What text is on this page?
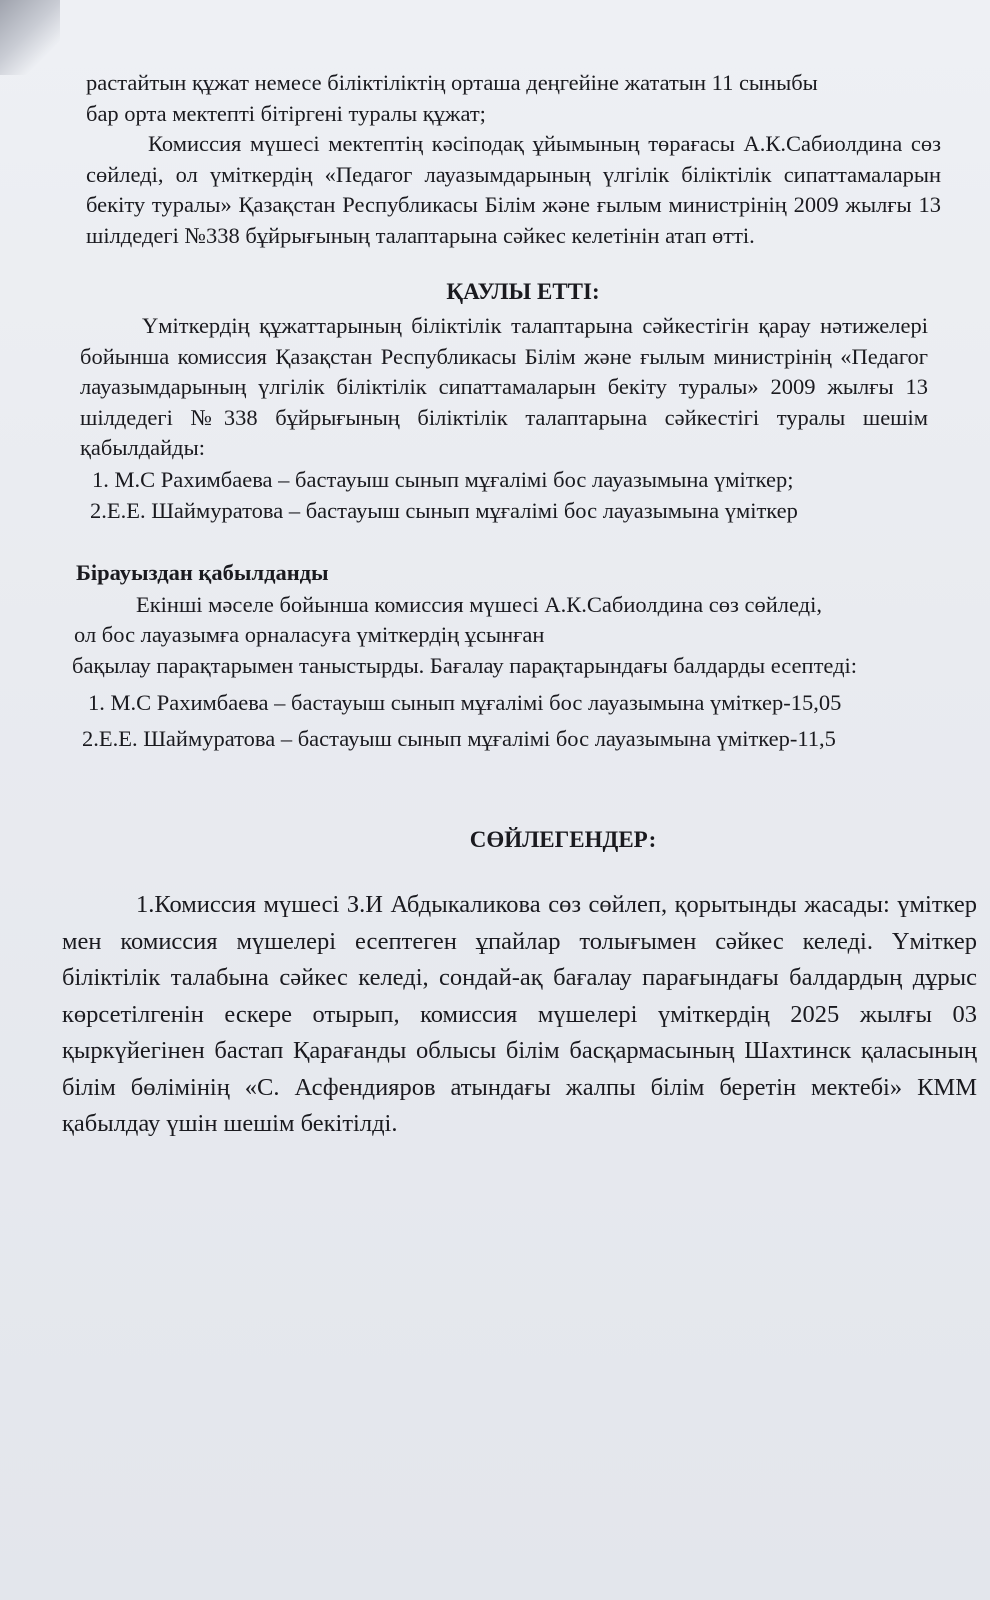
растайтын құжат немесе біліктіліктің орташа деңгейіне жататын 11 сыныбы

бар орта мектепті бітіргені туралы құжат;

Комиссия мүшесі мектептің кәсіподақ ұйымының төрағасы А.К.Сабиолдина сөз сөйледі, ол үміткердің «Педагог лауазымдарының үлгілік біліктілік сипаттамаларын бекіту туралы» Қазақстан Республикасы Білім және ғылым министрінің 2009 жылғы 13 шілдедегі №338 бұйрығының талаптарына сәйкес келетінін атап өтті.

ҚАУЛЫ ЕТТІ:

Үміткердің құжаттарының біліктілік талаптарына сәйкестігін қарау нәтижелері бойынша комиссия Қазақстан Республикасы Білім және ғылым министрінің «Педагог лауазымдарының үлгілік біліктілік сипаттамаларын бекіту туралы» 2009 жылғы 13 шілдедегі №338 бұйрығының біліктілік талаптарына сәйкестігі туралы шешім қабылдайды:

1. М.С Рахимбаева – бастауыш сынып мұғалімі бос лауазымына үміткер;

2.Е.Е. Шаймуратова – бастауыш сынып мұғалімі бос лауазымына үміткер

Бірауыздан қабылданды

Екінші мәселе бойынша комиссия мүшесі А.К.Сабиолдина сөз сөйледі,

ол бос лауазымға орналасуға үміткердің ұсынған

бақылау парақтарымен таныстырды. Бағалау парақтарындағы балдарды есептеді:

1. М.С Рахимбаева – бастауыш сынып мұғалімі бос лауазымына үміткер-15,05

2.Е.Е. Шаймуратова – бастауыш сынып мұғалімі бос лауазымына үміткер-11,5

СӨЙЛЕГЕНДЕР:

1.Комиссия мүшесі З.И Абдыкаликова сөз сөйлеп, қорытынды жасады: үміткер мен комиссия мүшелері есептеген ұпайлар толығымен сәйкес келеді. Үміткер біліктілік талабына сәйкес келеді, сондай-ақ бағалау парағындағы балдардың дұрыс көрсетілгенін ескере отырып, комиссия мүшелері үміткердің 2025 жылғы 03 қыркүйегінен бастап Қарағанды облысы білім басқармасының Шахтинск қаласының білім бөлімінің «С. Асфендияров атындағы жалпы білім беретін мектебі» КММ қабылдау үшін шешім бекітілді.
